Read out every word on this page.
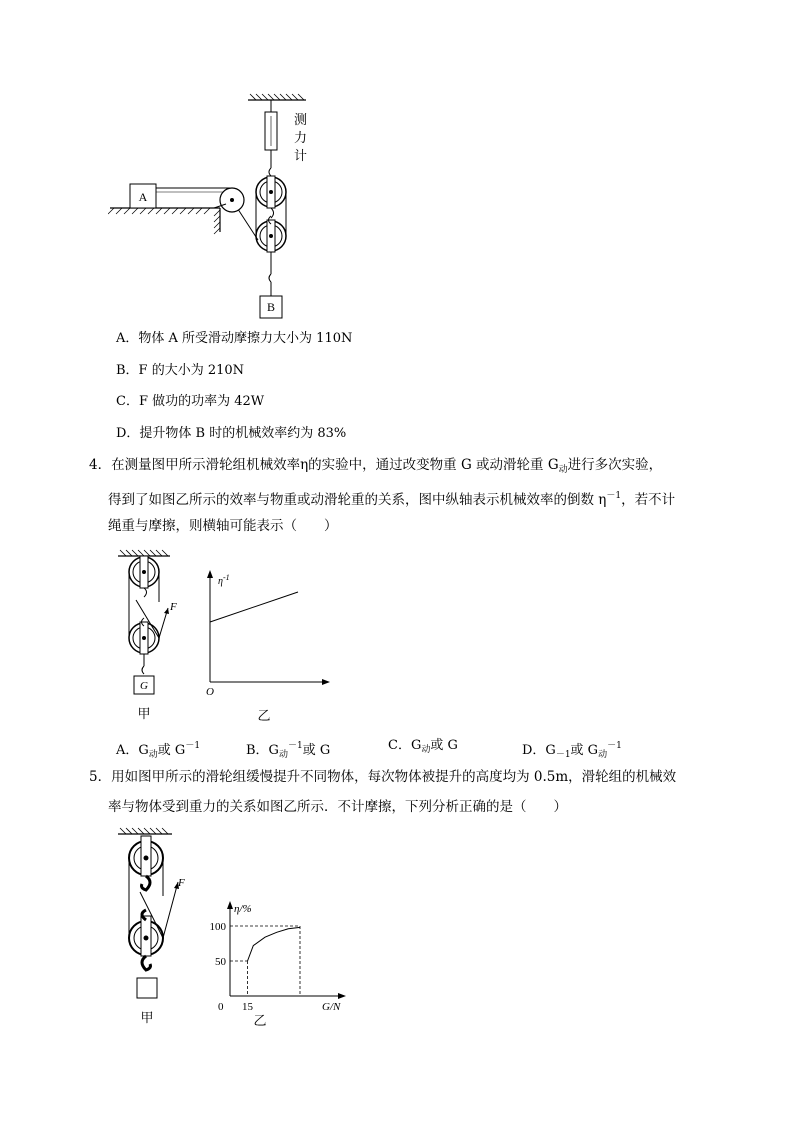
A
B
测
力
计
A．物体 A 所受滑动摩擦力大小为 110N
B．F 的大小为 210N
C．F 做功的功率为 42W
D．提升物体 B 时的机械效率约为 83%
4．在测量图甲所示滑轮组机械效率η的实验中，通过改变物重 G 或动滑轮重 $G_动$进行多次实验，
得到了如图乙所示的效率与物重或动滑轮重的关系，图中纵轴表示机械效率的倒数 $\eta^{-1}$，若不计
绳重与摩擦，则横轴可能表示（　　）
F
G
甲
$\eta^{-1}$
O
乙
A．$G_动$或 $G^{-1}$	B．$G_动^{-1}$或 G	C．$G_动$或 G	D．$G_{-1}$或 $G_动^{-1}$
5．用如图甲所示的滑轮组缓慢提升不同物体，每次物体被提升的高度均为 0.5m，滑轮组的机械效
率与物体受到重力的关系如图乙所示．不计摩擦，下列分析正确的是（　　）
F
甲
η/%
G/N
0
乙
50
100
15
